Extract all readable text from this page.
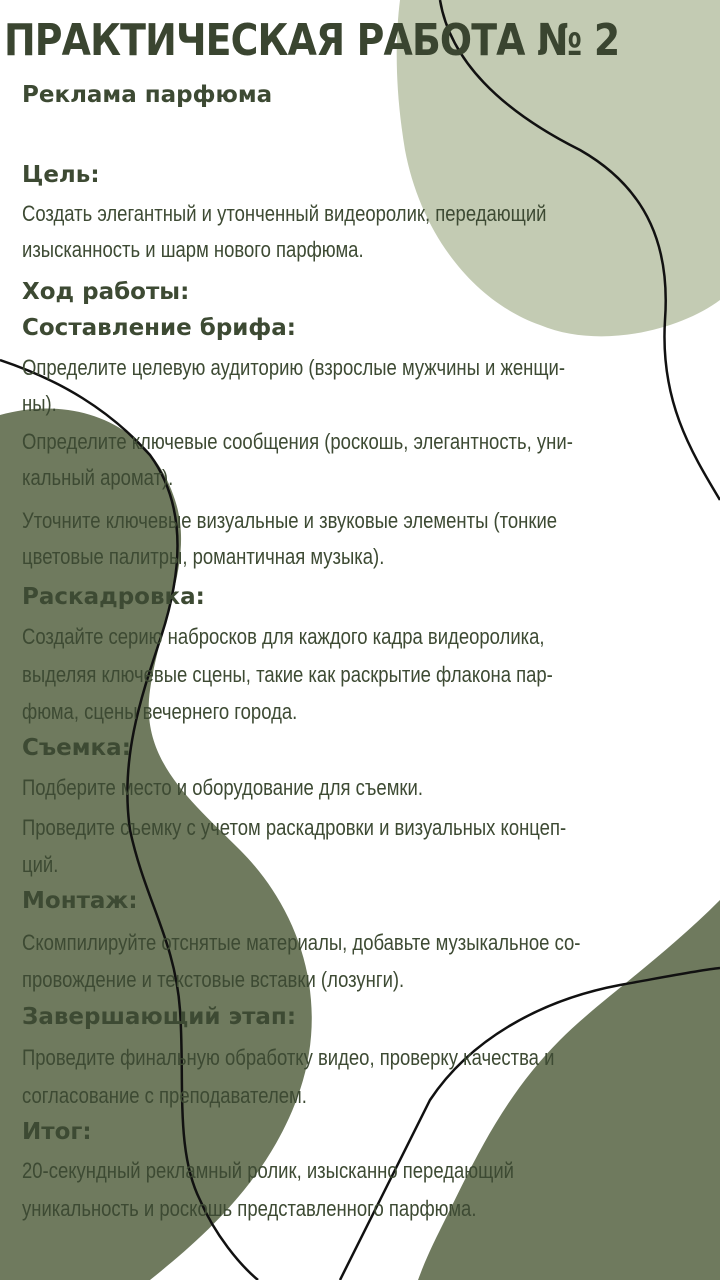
ПРАКТИЧЕСКАЯ РАБОТА № 2
Реклама парфюма
Цель:
Создать элегантный и утонченный видеоролик, передающий
изысканность и шарм нового парфюма.
Ход работы:
Составление брифа:
Определите целевую аудиторию (взрослые мужчины и женщи-
ны).
Определите ключевые сообщения (роскошь, элегантность, уни-
кальный аромат).
Уточните ключевые визуальные и звуковые элементы (тонкие
цветовые палитры, романтичная музыка).
Раскадровка:
Создайте серию набросков для каждого кадра видеоролика,
выделяя ключевые сцены, такие как раскрытие флакона пар-
фюма, сцены вечернего города.
Съемка:
Подберите место и оборудование для съемки.
Проведите съемку с учетом раскадровки и визуальных концеп-
ций.
Монтаж:
Скомпилируйте отснятые материалы, добавьте музыкальное со-
провождение и текстовые вставки (лозунги).
Завершающий этап:
Проведите финальную обработку видео, проверку качества и
согласование с преподавателем.
Итог:
20-секундный рекламный ролик, изысканно передающий
уникальность и роскошь представленного парфюма.
